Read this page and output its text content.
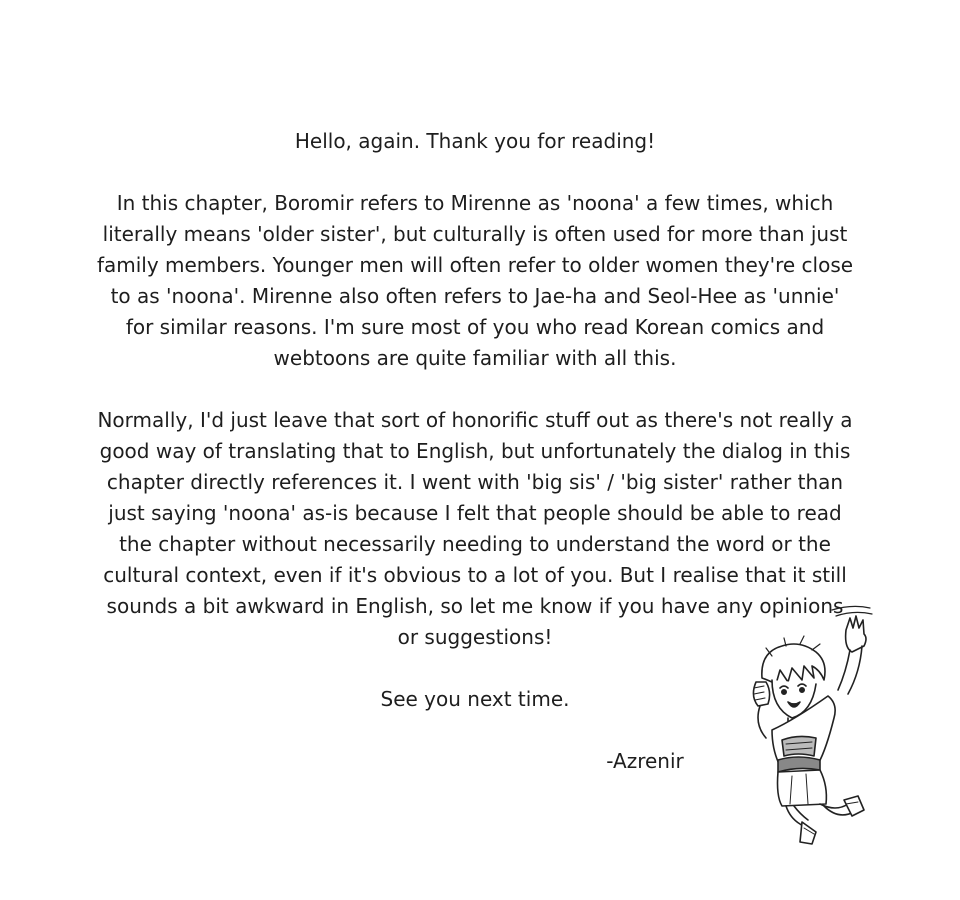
Hello, again. Thank you for reading!

In this chapter, Boromir refers to Mirenne as 'noona' a few times, which literally means 'older sister', but culturally is often used for more than just family members. Younger men will often refer to older women they're close to as 'noona'. Mirenne also often refers to Jae-ha and Seol-Hee as 'unnie' for similar reasons. I'm sure most of you who read Korean comics and webtoons are quite familiar with all this.

Normally, I'd just leave that sort of honorific stuff out as there's not really a good way of translating that to English, but unfortunately the dialog in this chapter directly references it. I went with 'big sis' / 'big sister' rather than just saying 'noona' as-is because I felt that people should be able to read the chapter without necessarily needing to understand the word or the cultural context, even if it's obvious to a lot of you. But I realise that it still sounds a bit awkward in English, so let me know if you have any opinions or suggestions!

See you next time.

-Azrenir
